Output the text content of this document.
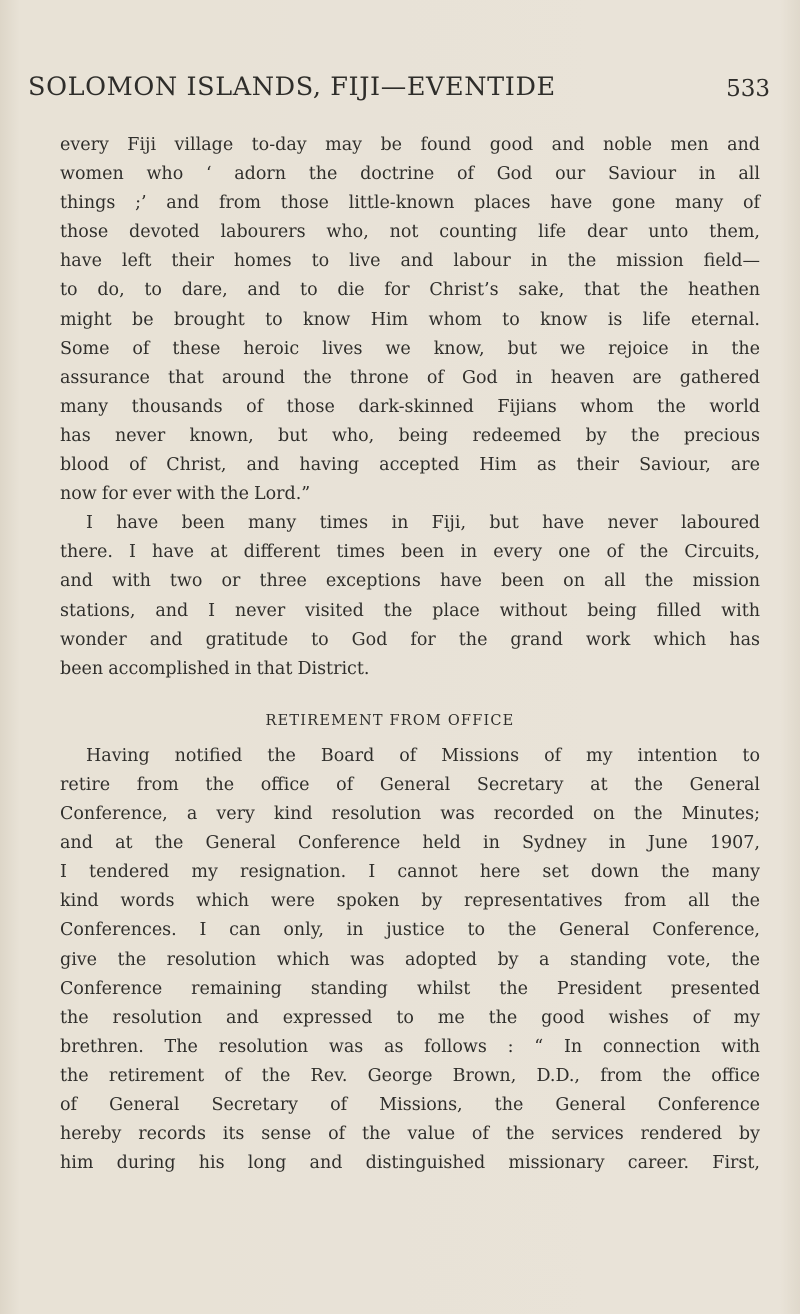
SOLOMON ISLANDS, FIJI—EVENTIDE	533
every Fiji village to-day may be found good and noble men and
women who ‘ adorn the doctrine of God our Saviour in all
things ;’ and from those little-known places have gone many of
those devoted labourers who, not counting life dear unto them,
have left their homes to live and labour in the mission field—
to do, to dare, and to die for Christ’s sake, that the heathen
might be brought to know Him whom to know is life eternal.
Some of these heroic lives we know, but we rejoice in the
assurance that around the throne of God in heaven are gathered
many thousands of those dark-skinned Fijians whom the world
has never known, but who, being redeemed by the precious
blood of Christ, and having accepted Him as their Saviour, are
now for ever with the Lord.”
I have been many times in Fiji, but have never laboured
there. I have at different times been in every one of the Circuits,
and with two or three exceptions have been on all the mission
stations, and I never visited the place without being filled with
wonder and gratitude to God for the grand work which has
been accomplished in that District.
RETIREMENT FROM OFFICE
Having notified the Board of Missions of my intention to
retire from the office of General Secretary at the General
Conference, a very kind resolution was recorded on the Minutes;
and at the General Conference held in Sydney in June 1907,
I tendered my resignation. I cannot here set down the many
kind words which were spoken by representatives from all the
Conferences. I can only, in justice to the General Conference,
give the resolution which was adopted by a standing vote, the
Conference remaining standing whilst the President presented
the resolution and expressed to me the good wishes of my
brethren. The resolution was as follows : “ In connection with
the retirement of the Rev. George Brown, D.D., from the office
of General Secretary of Missions, the General Conference
hereby records its sense of the value of the services rendered by
him during his long and distinguished missionary career. First,
